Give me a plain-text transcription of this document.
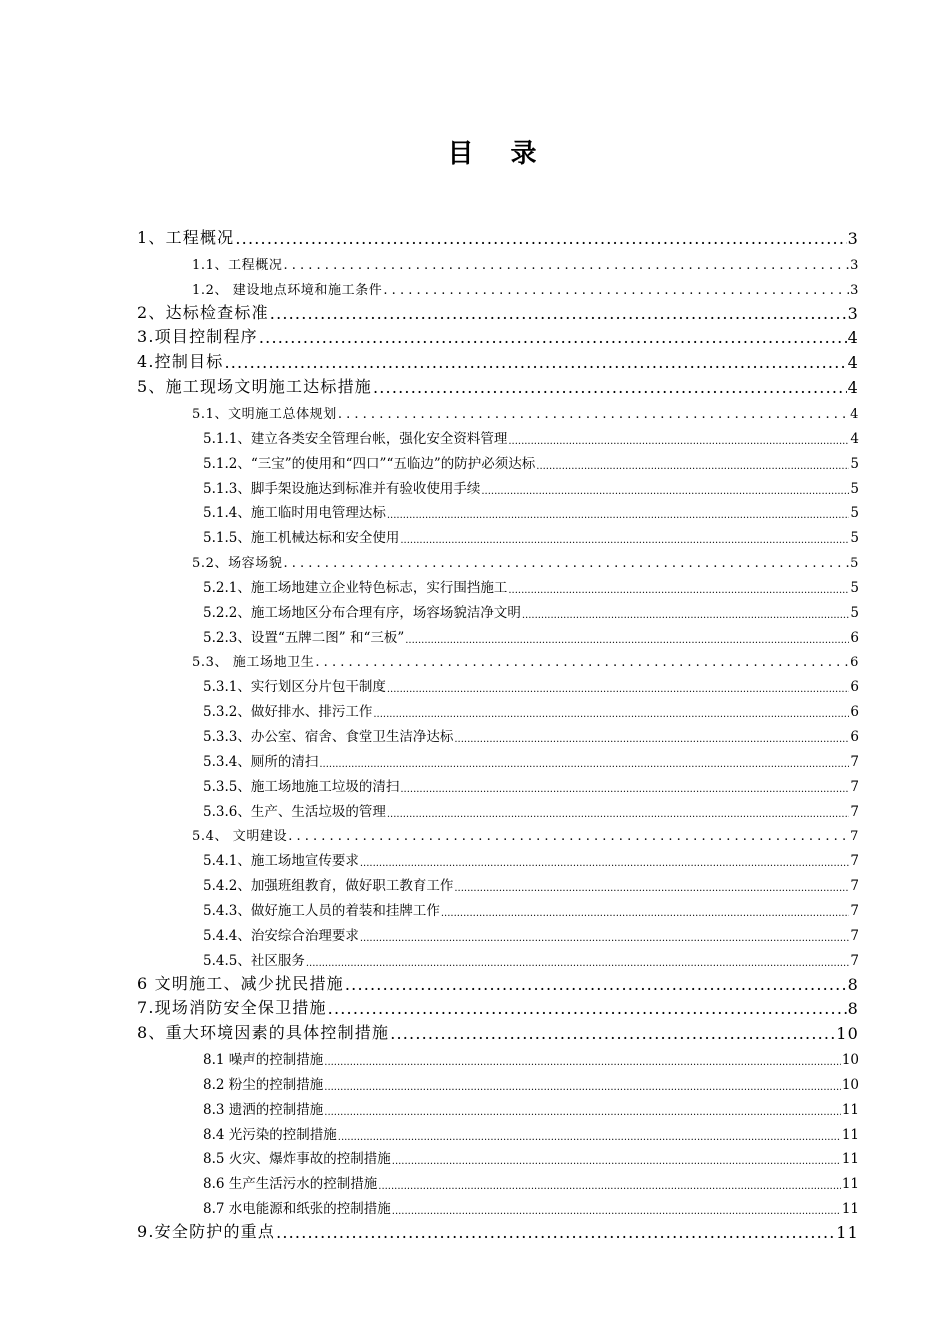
目 录
1、工程概况 .....	3
1.1、工程概况 . . .	3
1.2、 建设地点环境和施工条件 . . .	3
2、达标检查标准 .....	3
3.项目控制程序 .....	4
4.控制目标 .....	4
5、施工现场文明施工达标措施 .....	4
5.1、文明施工总体规划 . . .	4
5.1.1、建立各类安全管理台帐，强化安全资料管理 .....	4
5.1.2、“三宝”的使用和“四口”“五临边”的防护必须达标 .....	5
5.1.3、脚手架设施达到标准并有验收使用手续 .....	5
5.1.4、施工临时用电管理达标 .....	5
5.1.5、施工机械达标和安全使用 .....	5
5.2、场容场貌 . . .	5
5.2.1、施工场地建立企业特色标志，实行围挡施工 .....	5
5.2.2、施工场地区分布合理有序，场容场貌洁净文明 .....	5
5.2.3、设置“五牌二图” 和“三板” .....	6
5.3、 施工场地卫生 . . .	6
5.3.1、实行划区分片包干制度 .....	6
5.3.2、做好排水、排污工作 .....	6
5.3.3、办公室、宿舍、食堂卫生洁净达标 .....	6
5.3.4、厕所的清扫 .....	7
5.3.5、施工场地施工垃圾的清扫 .....	7
5.3.6、生产、生活垃圾的管理 .....	7
5.4、 文明建设 . . .	7
5.4.1、施工场地宣传要求 .....	7
5.4.2、加强班组教育，做好职工教育工作 .....	7
5.4.3、做好施工人员的着装和挂牌工作 .....	7
5.4.4、治安综合治理要求 .....	7
5.4.5、社区服务 .....	7
6 文明施工、减少扰民措施 .....	8
7.现场消防安全保卫措施 .....	8
8、重大环境因素的具体控制措施 .....	10
8.1 噪声的控制措施 .....	10
8.2 粉尘的控制措施 .....	10
8.3 遗洒的控制措施 .....	11
8.4 光污染的控制措施 .....	11
8.5 火灾、爆炸事故的控制措施 .....	11
8.6 生产生活污水的控制措施 .....	11
8.7 水电能源和纸张的控制措施 .....	11
9.安全防护的重点 .....	11
